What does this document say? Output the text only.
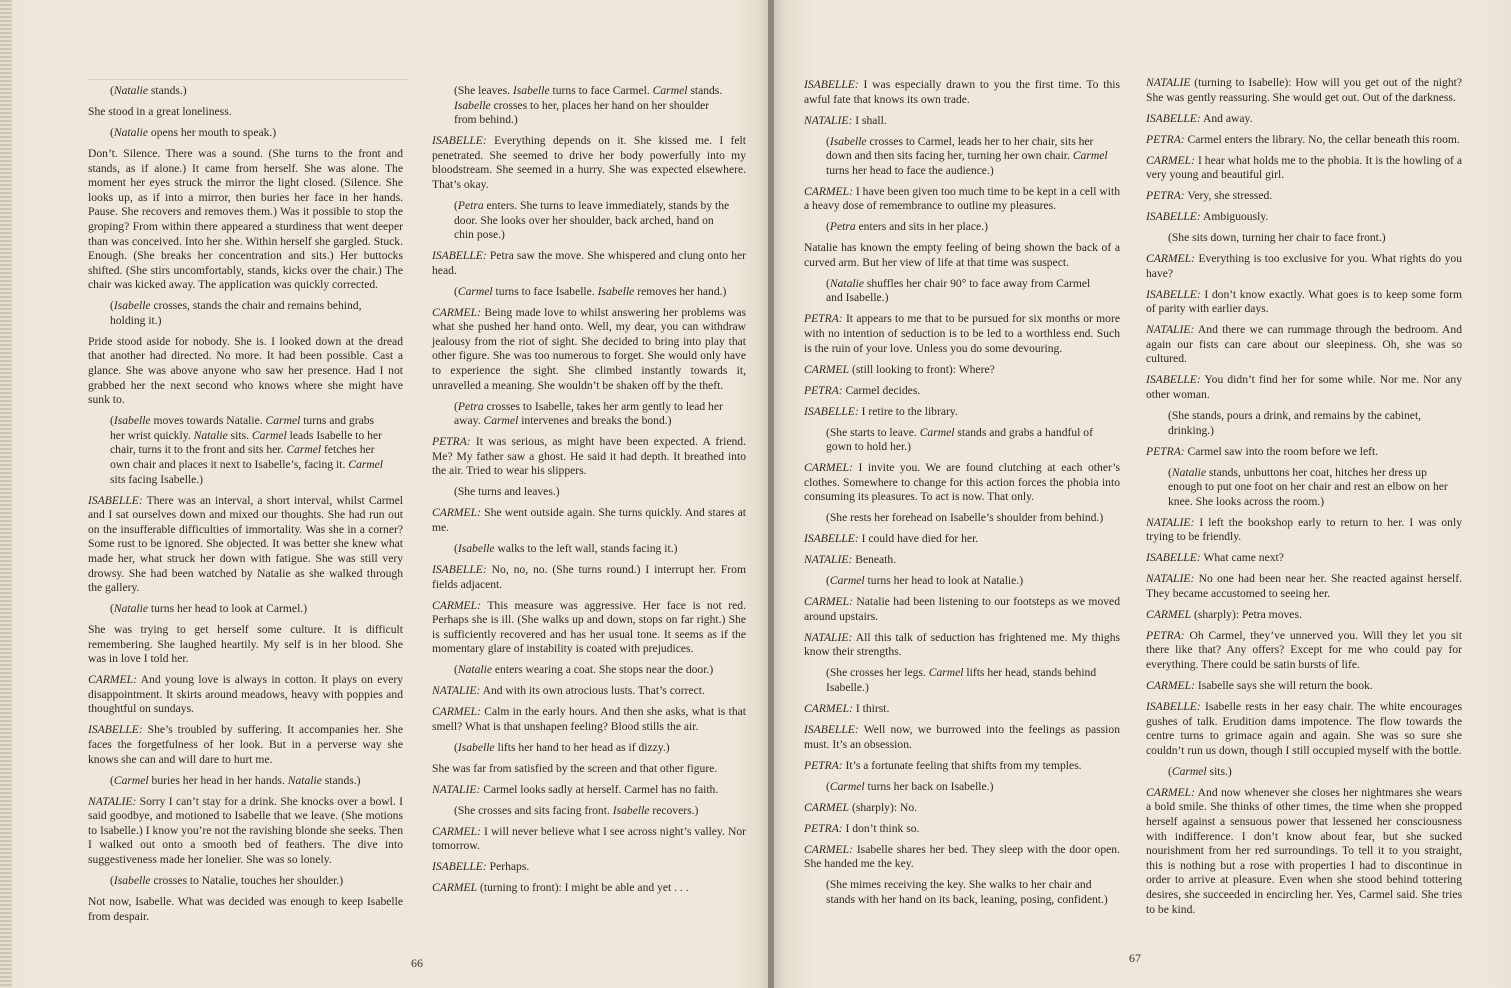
(Natalie stands.)

She stood in a great loneliness.

(Natalie opens her mouth to speak.)

Don’t. Silence. There was a sound. (She turns to the front and stands, as if alone.) It came from herself. She was alone. The moment her eyes struck the mirror the light closed. (Silence. She looks up, as if into a mirror, then buries her face in her hands. Pause. She recovers and removes them.) Was it possible to stop the groping? From within there appeared a sturdiness that went deeper than was conceived. Into her she. Within herself she gargled. Stuck. Enough. (She breaks her concentration and sits.) Her buttocks shifted. (She stirs uncomfortably, stands, kicks over the chair.) The chair was kicked away. The application was quickly corrected.

(Isabelle crosses, stands the chair and remains behind, holding it.)

Pride stood aside for nobody. She is. I looked down at the dread that another had directed. No more. It had been possible. Cast a glance. She was above anyone who saw her presence. Had I not grabbed her the next second who knows where she might have sunk to.

(Isabelle moves towards Natalie. Carmel turns and grabs her wrist quickly. Natalie sits. Carmel leads Isabelle to her chair, turns it to the front and sits her. Carmel fetches her own chair and places it next to Isabelle’s, facing it. Carmel sits facing Isabelle.)

ISABELLE: There was an interval, a short interval, whilst Carmel and I sat ourselves down and mixed our thoughts. She had run out on the insufferable difficulties of immortality. Was she in a corner? Some rust to be ignored. She objected. It was better she knew what made her, what struck her down with fatigue. She was still very drowsy. She had been watched by Natalie as she walked through the gallery.

(Natalie turns her head to look at Carmel.)

She was trying to get herself some culture. It is difficult remembering. She laughed heartily. My self is in her blood. She was in love I told her.

CARMEL: And young love is always in cotton. It plays on every disappointment. It skirts around meadows, heavy with poppies and thoughtful on sundays.

ISABELLE: She’s troubled by suffering. It accompanies her. She faces the forgetfulness of her look. But in a perverse way she knows she can and will dare to hurt me.

(Carmel buries her head in her hands. Natalie stands.)

NATALIE: Sorry I can’t stay for a drink. She knocks over a bowl. I said goodbye, and motioned to Isabelle that we leave. (She motions to Isabelle.) I know you’re not the ravishing blonde she seeks. Then I walked out onto a smooth bed of feathers. The dive into suggestiveness made her lonelier. She was so lonely.

(Isabelle crosses to Natalie, touches her shoulder.)

Not now, Isabelle. What was decided was enough to keep Isabelle from despair.

(She leaves. Isabelle turns to face Carmel. Carmel stands. Isabelle crosses to her, places her hand on her shoulder from behind.)

ISABELLE: Everything depends on it. She kissed me. I felt penetrated. She seemed to drive her body powerfully into my bloodstream. She seemed in a hurry. She was expected elsewhere. That’s okay.

(Petra enters. She turns to leave immediately, stands by the door. She looks over her shoulder, back arched, hand on chin pose.)

ISABELLE: Petra saw the move. She whispered and clung onto her head.

(Carmel turns to face Isabelle. Isabelle removes her hand.)

CARMEL: Being made love to whilst answering her problems was what she pushed her hand onto. Well, my dear, you can withdraw jealousy from the riot of sight. She decided to bring into play that other figure. She was too numerous to forget. She would only have to experience the sight. She climbed instantly towards it, unravelled a meaning. She wouldn’t be shaken off by the theft.

(Petra crosses to Isabelle, takes her arm gently to lead her away. Carmel intervenes and breaks the bond.)

PETRA: It was serious, as might have been expected. A friend. Me? My father saw a ghost. He said it had depth. It breathed into the air. Tried to wear his slippers.

(She turns and leaves.)

CARMEL: She went outside again. She turns quickly. And stares at me.

(Isabelle walks to the left wall, stands facing it.)

ISABELLE: No, no, no. (She turns round.) I interrupt her. From fields adjacent.

CARMEL: This measure was aggressive. Her face is not red. Perhaps she is ill. (She walks up and down, stops on far right.) She is sufficiently recovered and has her usual tone. It seems as if the momentary glare of instability is coated with prejudices.

(Natalie enters wearing a coat. She stops near the door.)

NATALIE: And with its own atrocious lusts. That’s correct.

CARMEL: Calm in the early hours. And then she asks, what is that smell? What is that unshapen feeling? Blood stills the air.

(Isabelle lifts her hand to her head as if dizzy.)

She was far from satisfied by the screen and that other figure.

NATALIE: Carmel looks sadly at herself. Carmel has no faith.

(She crosses and sits facing front. Isabelle recovers.)

CARMEL: I will never believe what I see across night’s valley. Nor tomorrow.

ISABELLE: Perhaps.

CARMEL (turning to front): I might be able and yet . . .

66

ISABELLE: I was especially drawn to you the first time. To this awful fate that knows its own trade.

NATALIE: I shall.

(Isabelle crosses to Carmel, leads her to her chair, sits her down and then sits facing her, turning her own chair. Carmel turns her head to face the audience.)

CARMEL: I have been given too much time to be kept in a cell with a heavy dose of remembrance to outline my pleasures.

(Petra enters and sits in her place.)

Natalie has known the empty feeling of being shown the back of a curved arm. But her view of life at that time was suspect.

(Natalie shuffles her chair 90° to face away from Carmel and Isabelle.)

PETRA: It appears to me that to be pursued for six months or more with no intention of seduction is to be led to a worthless end. Such is the ruin of your love. Unless you do some devouring.

CARMEL (still looking to front): Where?

PETRA: Carmel decides.

ISABELLE: I retire to the library.

(She starts to leave. Carmel stands and grabs a handful of gown to hold her.)

CARMEL: I invite you. We are found clutching at each other’s clothes. Somewhere to change for this action forces the phobia into consuming its pleasures. To act is now. That only.

(She rests her forehead on Isabelle’s shoulder from behind.)

ISABELLE: I could have died for her.

NATALIE: Beneath.

(Carmel turns her head to look at Natalie.)

CARMEL: Natalie had been listening to our footsteps as we moved around upstairs.

NATALIE: All this talk of seduction has frightened me. My thighs know their strengths.

(She crosses her legs. Carmel lifts her head, stands behind Isabelle.)

CARMEL: I thirst.

ISABELLE: Well now, we burrowed into the feelings as passion must. It’s an obsession.

PETRA: It’s a fortunate feeling that shifts from my temples.

(Carmel turns her back on Isabelle.)

CARMEL (sharply): No.

PETRA: I don’t think so.

CARMEL: Isabelle shares her bed. They sleep with the door open. She handed me the key.

(She mimes receiving the key. She walks to her chair and stands with her hand on its back, leaning, posing, confident.)

NATALIE (turning to Isabelle): How will you get out of the night? She was gently reassuring. She would get out. Out of the darkness.

ISABELLE: And away.

PETRA: Carmel enters the library. No, the cellar beneath this room.

CARMEL: I hear what holds me to the phobia. It is the howling of a very young and beautiful girl.

PETRA: Very, she stressed.

ISABELLE: Ambiguously.

(She sits down, turning her chair to face front.)

CARMEL: Everything is too exclusive for you. What rights do you have?

ISABELLE: I don’t know exactly. What goes is to keep some form of parity with earlier days.

NATALIE: And there we can rummage through the bedroom. And again our fists can care about our sleepiness. Oh, she was so cultured.

ISABELLE: You didn’t find her for some while. Nor me. Nor any other woman.

(She stands, pours a drink, and remains by the cabinet, drinking.)

PETRA: Carmel saw into the room before we left.

(Natalie stands, unbuttons her coat, hitches her dress up enough to put one foot on her chair and rest an elbow on her knee. She looks across the room.)

NATALIE: I left the bookshop early to return to her. I was only trying to be friendly.

ISABELLE: What came next?

NATALIE: No one had been near her. She reacted against herself. They became accustomed to seeing her.

CARMEL (sharply): Petra moves.

PETRA: Oh Carmel, they’ve unnerved you. Will they let you sit there like that? Any offers? Except for me who could pay for everything. There could be satin bursts of life.

CARMEL: Isabelle says she will return the book.

ISABELLE: Isabelle rests in her easy chair. The white encourages gushes of talk. Erudition dams impotence. The flow towards the centre turns to grimace again and again. She was so sure she couldn’t run us down, though I still occupied myself with the bottle.

(Carmel sits.)

CARMEL: And now whenever she closes her nightmares she wears a bold smile. She thinks of other times, the time when she propped herself against a sensuous power that lessened her consciousness with indifference. I don’t know about fear, but she sucked nourishment from her red surroundings. To tell it to you straight, this is nothing but a rose with properties I had to discontinue in order to arrive at pleasure. Even when she stood behind tottering desires, she succeeded in encircling her. Yes, Carmel said. She tries to be kind.

67
